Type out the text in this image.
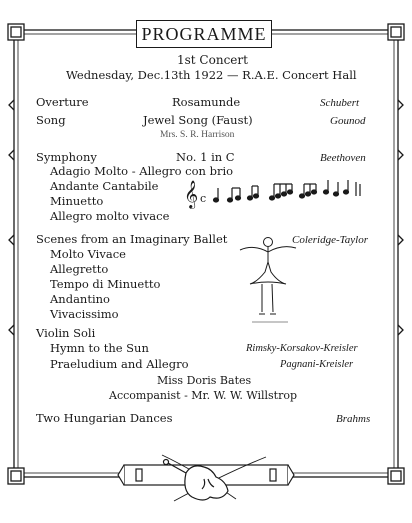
PROGRAMME
1st Concert
Wednesday, Dec.13th 1922 — R.A.E. Concert Hall
Overture	Rosamunde	Schubert
Song	Jewel Song (Faust)	Gounod
Mrs. S. R. Harrison
Symphony	No. 1 in C	Beethoven
Adagio Molto - Allegro con brio
Andante Cantabile
Minuetto
Allegro molto vivace
𝄞 c
Scenes from an Imaginary Ballet	Coleridge-Taylor
Molto Vivace
Allegretto
Tempo di Minuetto
Andantino
Vivacissimo
Violin Soli
Hymn to the Sun	Rimsky-Korsakov-Kreisler
Praeludium and Allegro	Pagnani-Kreisler
Miss Doris Bates
Accompanist - Mr. W. W. Willstrop
Two Hungarian Dances	Brahms
